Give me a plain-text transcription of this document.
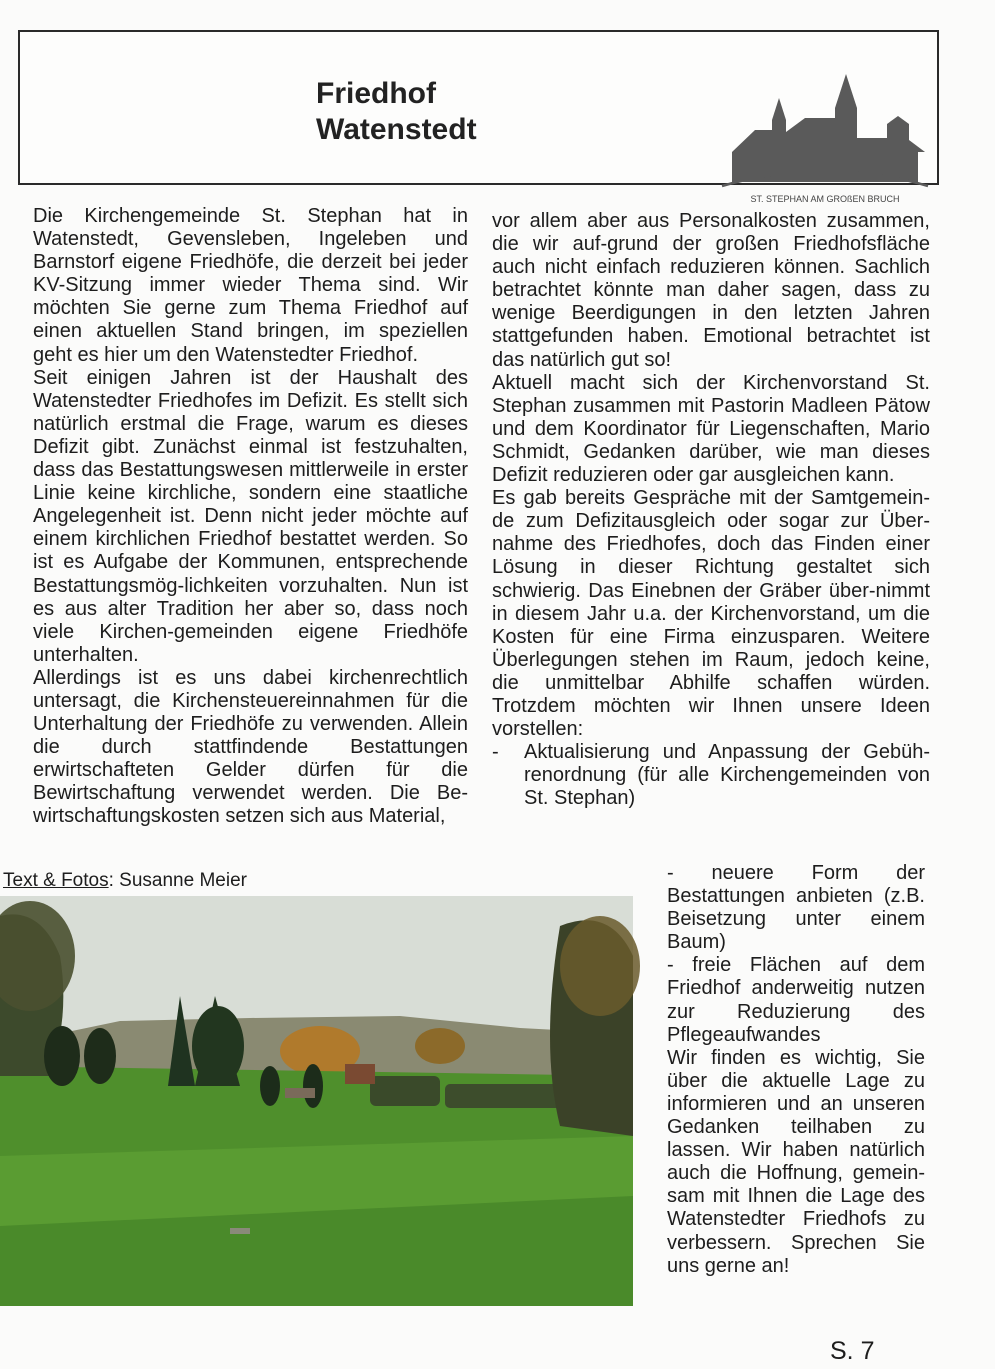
Friedhof
Watenstedt
ST. STEPHAN AM GROßEN BRUCH

Die Kirchengemeinde St. Stephan hat in Watenstedt, Gevensleben, Ingeleben und Barnstorf eigene Friedhöfe, die derzeit bei jeder KV-Sitzung immer wieder Thema sind. Wir möchten Sie gerne zum Thema Friedhof auf einen aktuellen Stand bringen, im speziellen geht es hier um den Watenstedter Friedhof.

Seit einigen Jahren ist der Haushalt des Watenstedter Friedhofes im Defizit. Es stellt sich natürlich erstmal die Frage, warum es dieses Defizit gibt. Zunächst einmal ist festzuhalten, dass das Bestattungswesen mittlerweile in erster Linie keine kirchliche, sondern eine staatliche Angelegenheit ist. Denn nicht jeder möchte auf einem kirchlichen Friedhof bestattet werden. So ist es Aufgabe der Kommunen, entsprechende Bestattungsmög-lichkeiten vorzuhalten. Nun ist es aus alter Tradition her aber so, dass noch viele Kirchen-gemeinden eigene Friedhöfe unterhalten.

Allerdings ist es uns dabei kirchenrechtlich untersagt, die Kirchensteuereinnahmen für die Unterhaltung der Friedhöfe zu verwenden. Allein die durch stattfindende Bestattungen erwirtschafteten Gelder dürfen für die Bewirtschaftung verwendet werden. Die Be-wirtschaftungskosten setzen sich aus Material,

vor allem aber aus Personalkosten zusammen, die wir auf-grund der großen Friedhofsfläche auch nicht einfach reduzieren können. Sachlich betrachtet könnte man daher sagen, dass zu wenige Beerdigungen in den letzten Jahren stattgefunden haben. Emotional betrachtet ist das natürlich gut so!

Aktuell macht sich der Kirchenvorstand St. Stephan zusammen mit Pastorin Madleen Pätow und dem Koordinator für Liegenschaften, Mario Schmidt, Gedanken darüber, wie man dieses Defizit reduzieren oder gar ausgleichen kann.

Es gab bereits Gespräche mit der Samtgemein-de zum Defizitausgleich oder sogar zur Über-nahme des Friedhofes, doch das Finden einer Lösung in dieser Richtung gestaltet sich schwierig. Das Einebnen der Gräber über-nimmt in diesem Jahr u.a. der Kirchenvorstand, um die Kosten für eine Firma einzusparen. Weitere Überlegungen stehen im Raum, jedoch keine, die unmittelbar Abhilfe schaffen würden. Trotzdem möchten wir Ihnen unsere Ideen vorstellen:

-	Aktualisierung und Anpassung der Gebüh-renordnung (für alle Kirchengemeinden von St. Stephan)

- neuere Form der Bestattungen anbieten (z.B. Beisetzung unter einem Baum)

- freie Flächen auf dem Friedhof anderweitig nutzen zur Reduzierung des Pflegeaufwandes

Wir finden es wichtig, Sie über die aktuelle Lage zu informieren und an unseren Gedanken teilhaben zu lassen. Wir haben natürlich auch die Hoffnung, gemein-sam mit Ihnen die Lage des Watenstedter Friedhofs zu verbessern. Sprechen Sie uns gerne an!

Text & Fotos: Susanne Meier
S. 7
